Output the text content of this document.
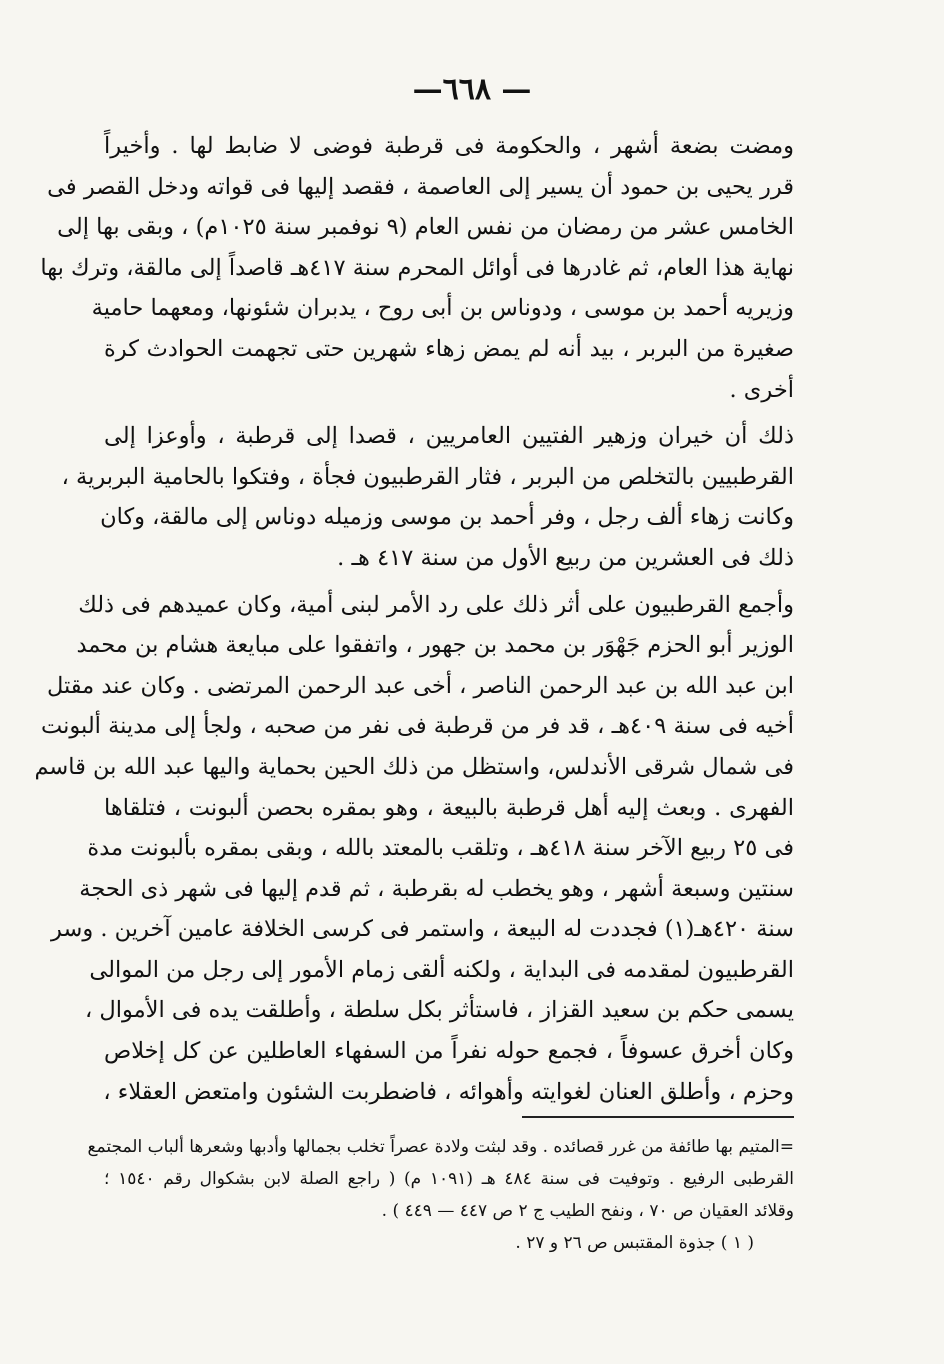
—٦٦٨ —
ومضت بضعة أشهر ، والحكومة فى قرطبة فوضى لا ضابط لها . وأخيراً
قرر يحيى بن حمود أن يسير إلى العاصمة ، فقصد إليها فى قواته ودخل القصر فى
الخامس عشر من رمضان من نفس العام (٩ نوفمبر سنة ١٠٢٥م) ، وبقى بها إلى
نهاية هذا العام، ثم غادرها فى أوائل المحرم سنة ٤١٧هـ قاصداً إلى مالقة، وترك بها
وزيريه أحمد بن موسى ، ودوناس بن أبى روح ، يدبران شئونها، ومعهما حامية
صغيرة من البربر ، بيد أنه لم يمض زهاء شهرين حتى تجهمت الحوادث كرة
أخرى .
ذلك أن خيران وزهير الفتيين العامريين ، قصدا إلى قرطبة ، وأوعزا إلى
القرطبيين بالتخلص من البربر ، فثار القرطبيون فجأة ، وفتكوا بالحامية البربرية ،
وكانت زهاء ألف رجل ، وفر أحمد بن موسى وزميله دوناس إلى مالقة، وكان
ذلك فى العشرين من ربيع الأول من سنة ٤١٧ هـ .
وأجمع القرطبيون على أثر ذلك على رد الأمر لبنى أمية، وكان عميدهم فى ذلك
الوزير أبو الحزم جَهْوَر بن محمد بن جهور ، واتفقوا على مبايعة هشام بن محمد
ابن عبد الله بن عبد الرحمن الناصر ، أخى عبد الرحمن المرتضى . وكان عند مقتل
أخيه فى سنة ٤٠٩هـ ، قد فر من قرطبة فى نفر من صحبه ، ولجأ إلى مدينة ألبونت
فى شمال شرقى الأندلس، واستظل من ذلك الحين بحماية واليها عبد الله بن قاسم
الفهرى . وبعث إليه أهل قرطبة بالبيعة ، وهو بمقره بحصن ألبونت ، فتلقاها
فى ٢٥ ربيع الآخر سنة ٤١٨هـ ، وتلقب بالمعتد بالله ، وبقى بمقره بألبونت مدة
سنتين وسبعة أشهر ، وهو يخطب له بقرطبة ، ثم قدم إليها فى شهر ذى الحجة
سنة ٤٢٠هـ(١) فجددت له البيعة ، واستمر فى كرسى الخلافة عامين آخرين . وسر
القرطبيون لمقدمه فى البداية ، ولكنه ألقى زمام الأمور إلى رجل من الموالى
يسمى حكم بن سعيد القزاز ، فاستأثر بكل سلطة ، وأطلقت يده فى الأموال ،
وكان أخرق عسوفاً ، فجمع حوله نفراً من السفهاء العاطلين عن كل إخلاص
وحزم ، وأطلق العنان لغوايته وأهوائه ، فاضطربت الشئون وامتعض العقلاء ،
=المتيم بها طائفة من غرر قصائده . وقد لبثت ولادة عصراً تخلب بجمالها وأدبها وشعرها ألباب المجتمع
القرطبى الرفيع . وتوفيت فى سنة ٤٨٤ هـ (١٠٩١ م) ( راجع الصلة لابن بشكوال رقم ١٥٤٠ ؛
وقلائد العقيان ص ٧٠ ، ونفح الطيب ج ٢ ص ٤٤٧ — ٤٤٩ ) .
( ١ ) جذوة المقتبس ص ٢٦ و ٢٧ .
